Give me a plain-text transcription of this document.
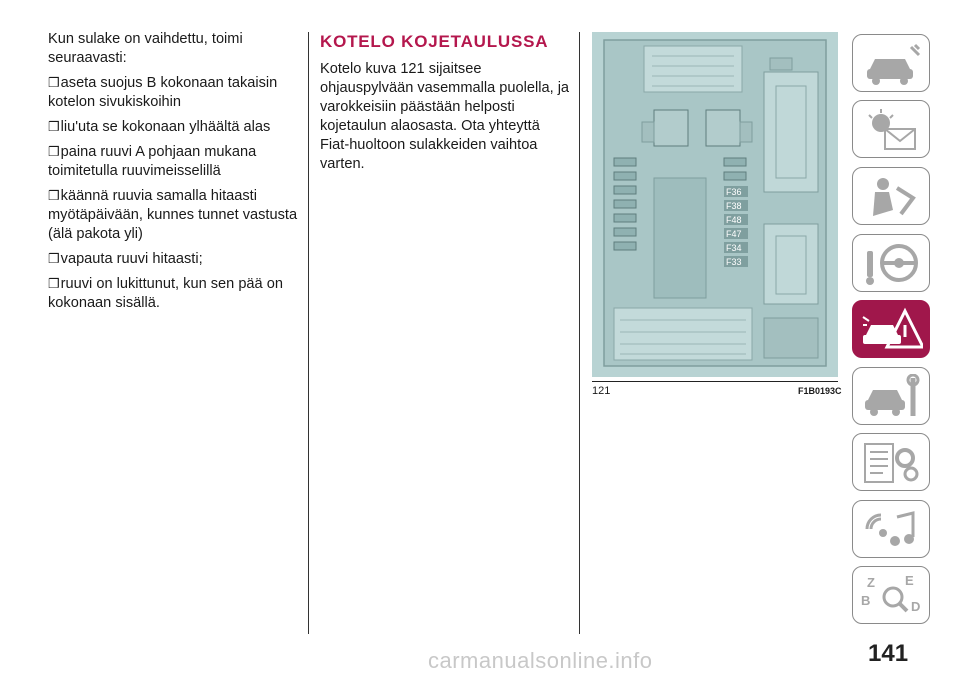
Kun sulake on vaihdettu, toimi seuraavasti:

❒aseta suojus B kokonaan takaisin kotelon sivukiskoihin

❒liu'uta se kokonaan ylhäältä alas

❒paina ruuvi A pohjaan mukana toimitetulla ruuvimeisselillä

❒käännä ruuvia samalla hitaasti myötäpäivään, kunnes tunnet vastusta (älä pakota yli)

❒vapauta ruuvi hitaasti;

❒ruuvi on lukittunut, kun sen pää on kokonaan sisällä.

KOTELO KOJETAULUSSA

Kotelo kuva 121 sijaitsee ohjauspylvään vasemmalla puolella, ja varokkeisiin päästään helposti kojetaulun alaosasta. Ota yhteyttä Fiat-huoltoon sulakkeiden vaihtoa varten.

F36
F38
F48
F47
F34
F33
121	F1B0193C
Z E
B	D
141
carmanualsonline.info
